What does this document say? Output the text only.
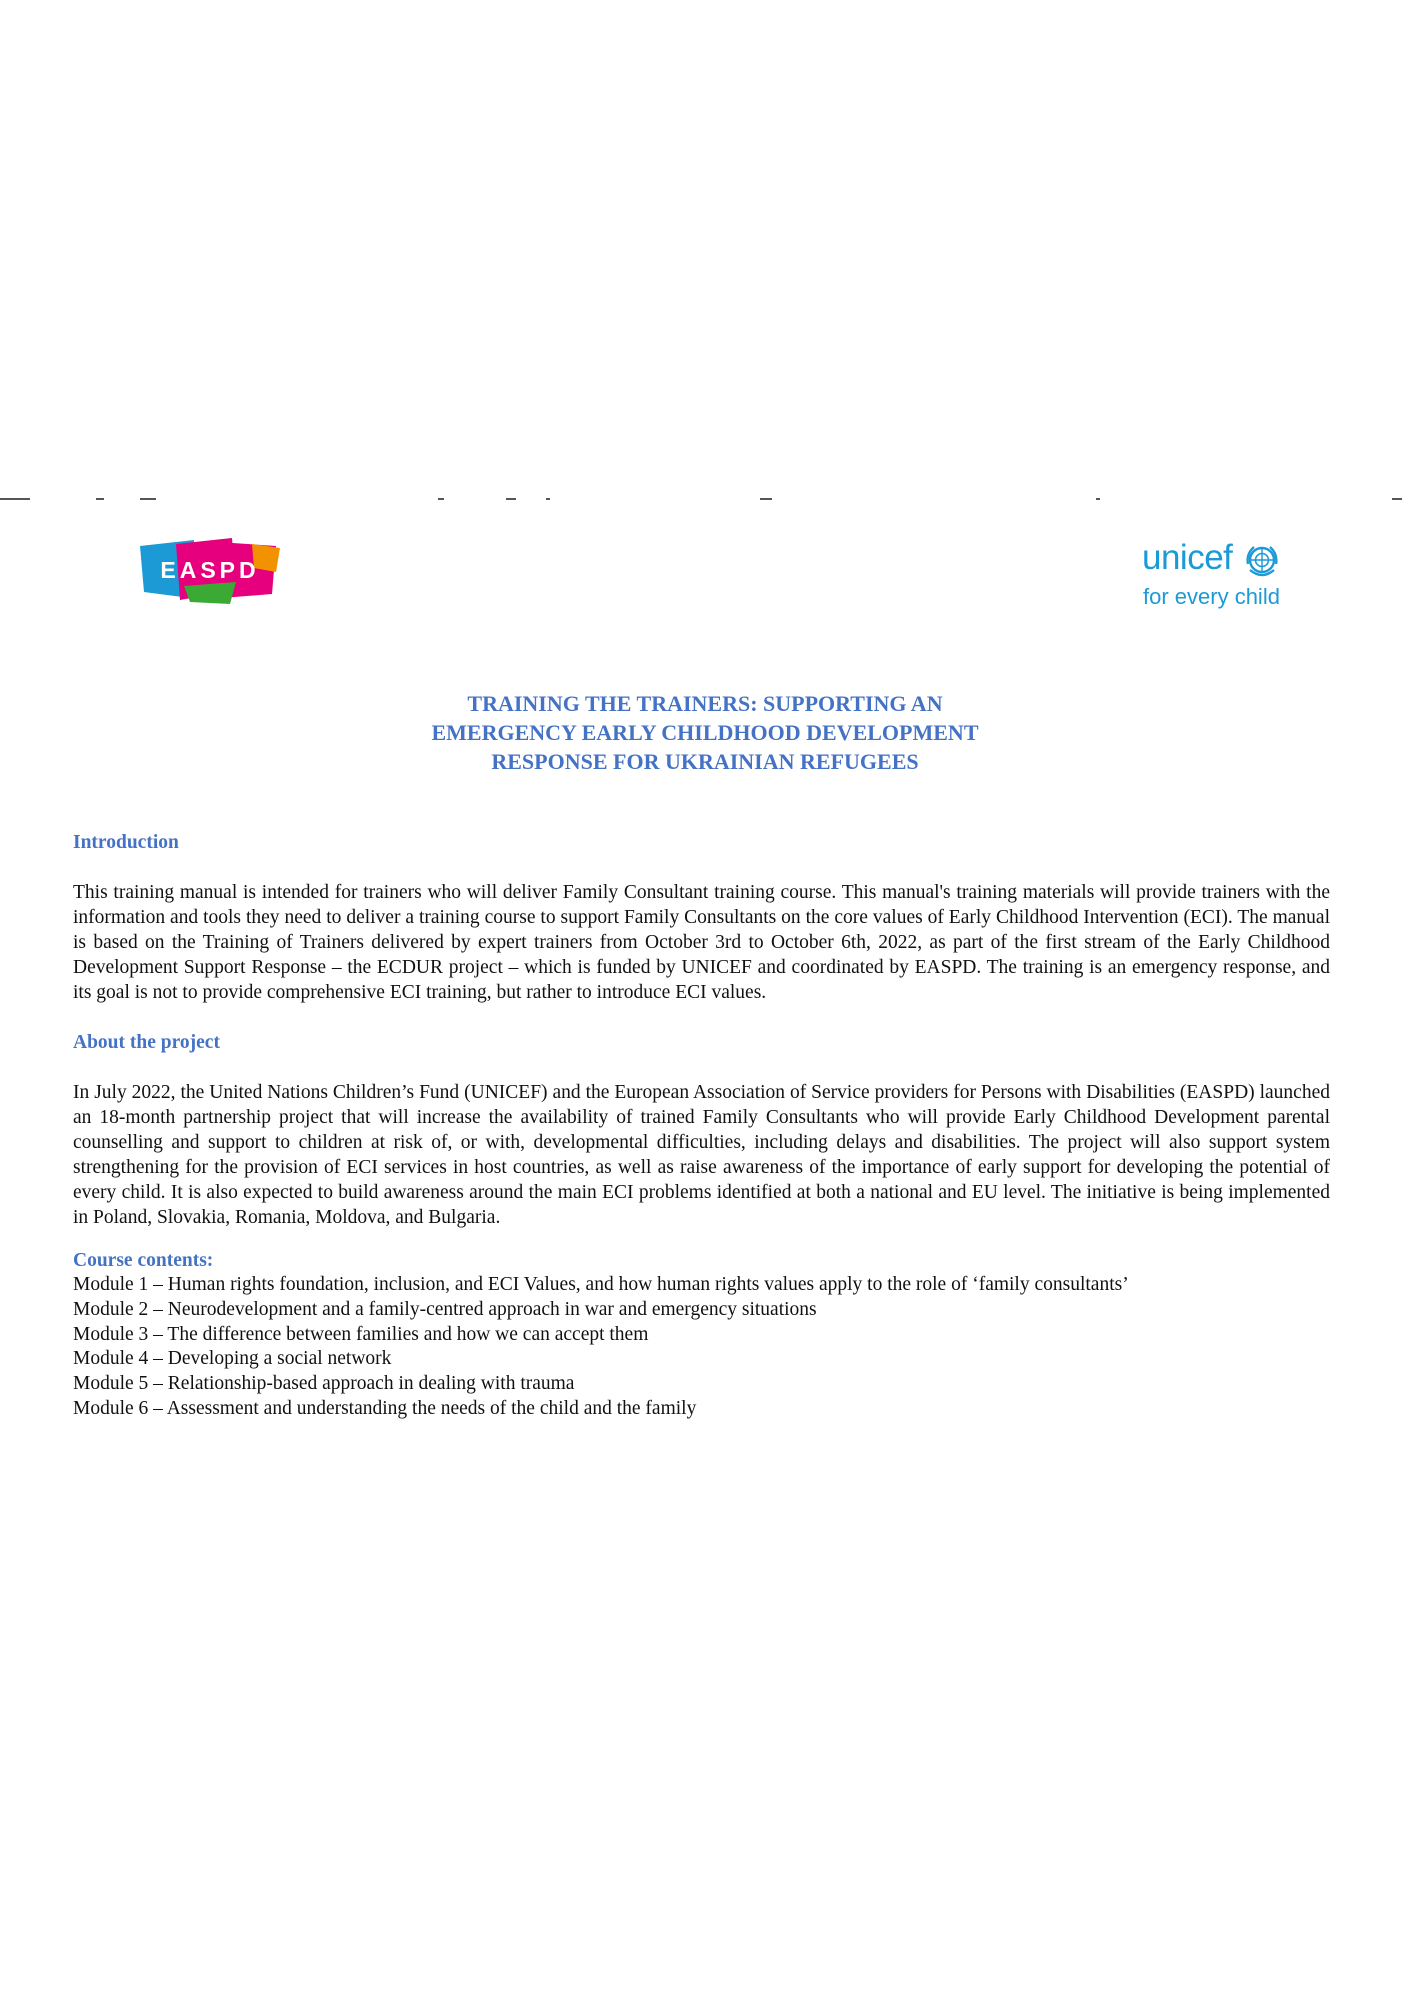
EASPD	unicef
for every child
TRAINING THE TRAINERS: SUPPORTING AN
EMERGENCY EARLY CHILDHOOD DEVELOPMENT
RESPONSE FOR UKRAINIAN REFUGEES
Introduction

This training manual is intended for trainers who will deliver Family Consultant training course. This manual's training materials will provide trainers with the information and tools they need to deliver a training course to support Family Consultants on the core values of Early Childhood Intervention (ECI). The manual is based on the Training of Trainers delivered by expert trainers from October 3rd to October 6th, 2022, as part of the first stream of the Early Childhood Development Support Response – the ECDUR project – which is funded by UNICEF and coordinated by EASPD. The training is an emergency response, and its goal is not to provide comprehensive ECI training, but rather to introduce ECI values.

About the project

In July 2022, the United Nations Children’s Fund (UNICEF) and the European Association of Service providers for Persons with Disabilities (EASPD) launched an 18-month partnership project that will increase the availability of trained Family Consultants who will provide Early Childhood Development parental counselling and support to children at risk of, or with, developmental difficulties, including delays and disabilities. The project will also support system strengthening for the provision of ECI services in host countries, as well as raise awareness of the importance of early support for developing the potential of every child. It is also expected to build awareness around the main ECI problems identified at both a national and EU level. The initiative is being implemented in Poland, Slovakia, Romania, Moldova, and Bulgaria.

Course contents:
Module 1 – Human rights foundation, inclusion, and ECI Values, and how human rights values apply to the role of ‘family consultants’
Module 2 – Neurodevelopment and a family-centred approach in war and emergency situations
Module 3 – The difference between families and how we can accept them
Module 4 – Developing a social network
Module 5 – Relationship-based approach in dealing with trauma
Module 6 – Assessment and understanding the needs of the child and the family
